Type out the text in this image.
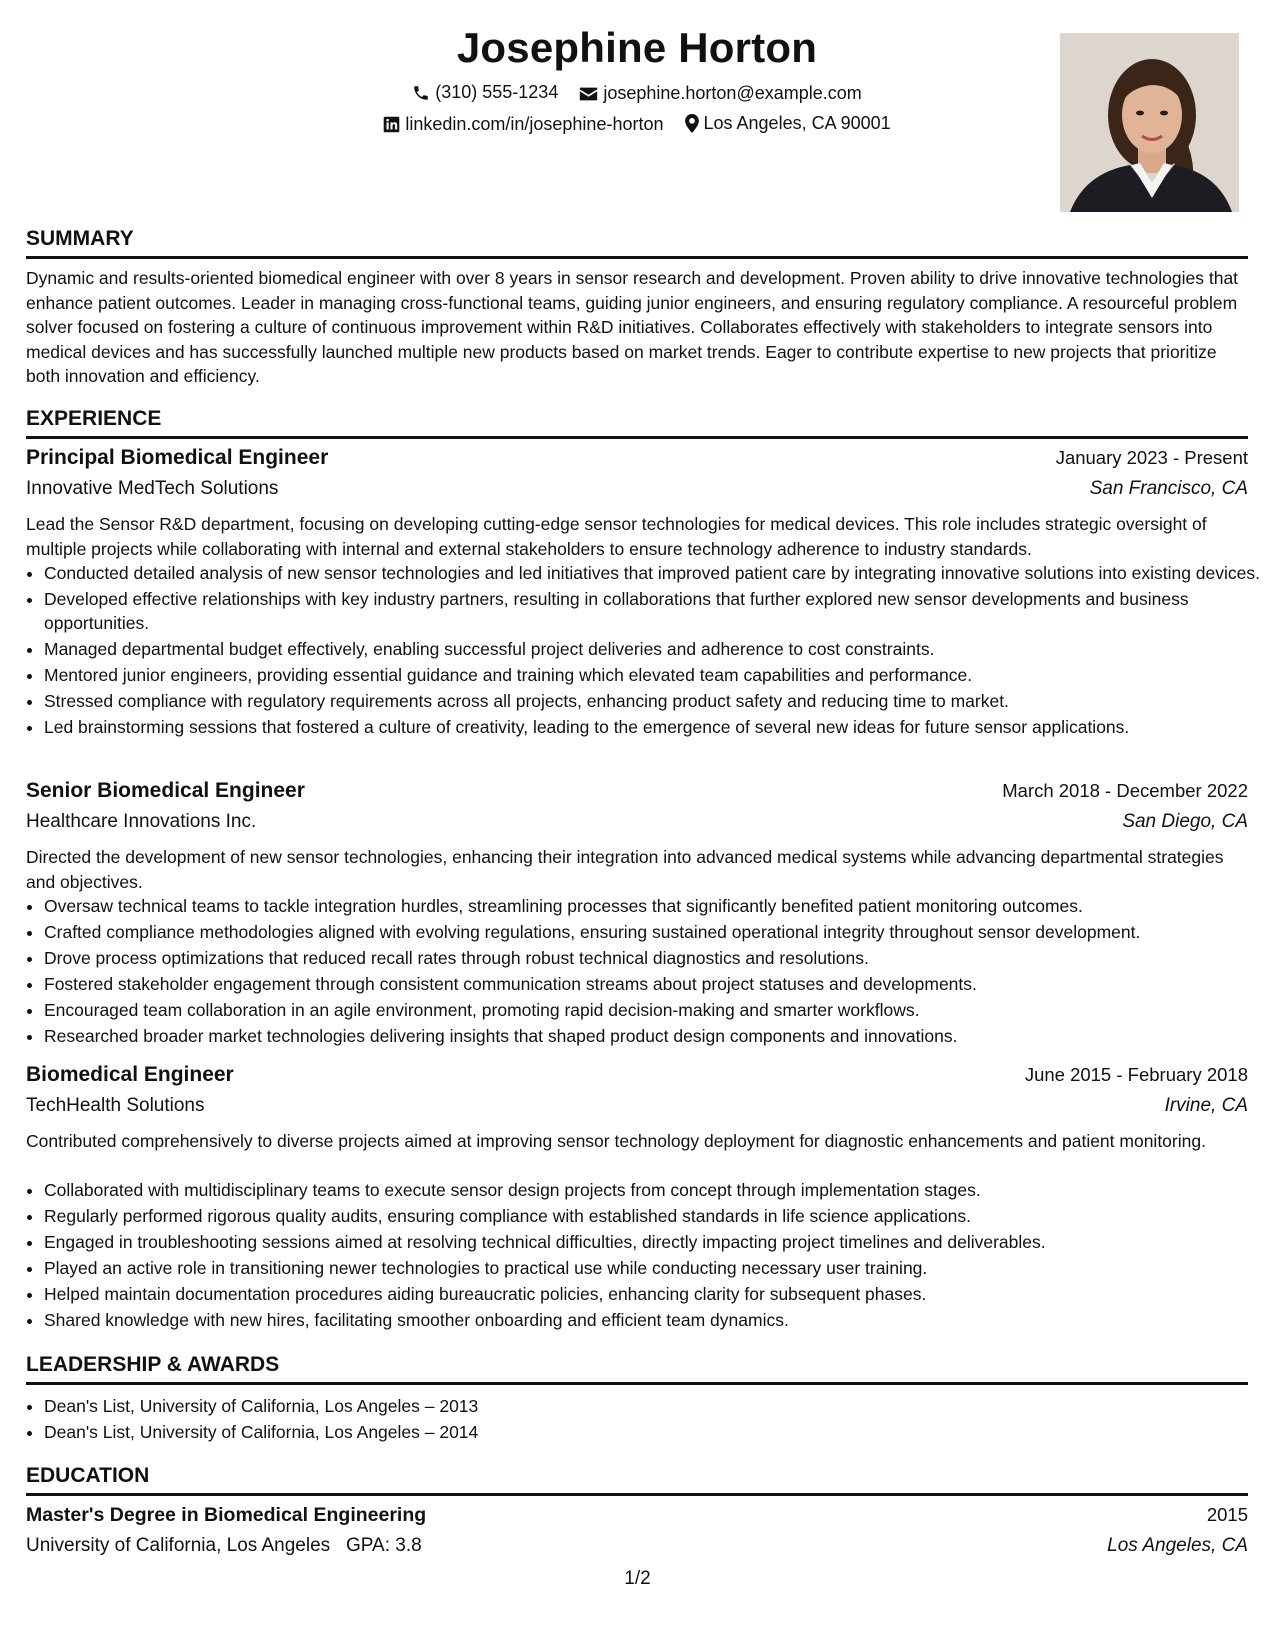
Josephine Horton
(310) 555-1234
	josephine.horton@example.com
linkedin.com/in/josephine-horton
Los Angeles, CA 90001
SUMMARY
Dynamic and results-oriented biomedical engineer with over 8 years in sensor research and development. Proven ability to drive innovative technologies that enhance patient outcomes. Leader in managing cross-functional teams, guiding junior engineers, and ensuring regulatory compliance. A resourceful problem solver focused on fostering a culture of continuous improvement within R&D initiatives. Collaborates effectively with stakeholders to integrate sensors into medical devices and has successfully launched multiple new products based on market trends. Eager to contribute expertise to new projects that prioritize both innovation and efficiency.
EXPERIENCE
Principal Biomedical Engineer	January 2023 - Present
Innovative MedTech Solutions	San Francisco, CA
Lead the Sensor R&D department, focusing on developing cutting-edge sensor technologies for medical devices. This role includes strategic oversight of multiple projects while collaborating with internal and external stakeholders to ensure technology adherence to industry standards.
• Conducted detailed analysis of new sensor technologies and led initiatives that improved patient care by integrating innovative solutions into existing devices.
• Developed effective relationships with key industry partners, resulting in collaborations that further explored new sensor developments and business opportunities.
• Managed departmental budget effectively, enabling successful project deliveries and adherence to cost constraints.
• Mentored junior engineers, providing essential guidance and training which elevated team capabilities and performance.
• Stressed compliance with regulatory requirements across all projects, enhancing product safety and reducing time to market.
• Led brainstorming sessions that fostered a culture of creativity, leading to the emergence of several new ideas for future sensor applications.
Senior Biomedical Engineer	March 2018 - December 2022
Healthcare Innovations Inc.	San Diego, CA
Directed the development of new sensor technologies, enhancing their integration into advanced medical systems while advancing departmental strategies and objectives.
• Oversaw technical teams to tackle integration hurdles, streamlining processes that significantly benefited patient monitoring outcomes.
• Crafted compliance methodologies aligned with evolving regulations, ensuring sustained operational integrity throughout sensor development.
• Drove process optimizations that reduced recall rates through robust technical diagnostics and resolutions.
• Fostered stakeholder engagement through consistent communication streams about project statuses and developments.
• Encouraged team collaboration in an agile environment, promoting rapid decision-making and smarter workflows.
• Researched broader market technologies delivering insights that shaped product design components and innovations.
Biomedical Engineer	June 2015 - February 2018
TechHealth Solutions	Irvine, CA
Contributed comprehensively to diverse projects aimed at improving sensor technology deployment for diagnostic enhancements and patient monitoring.
• Collaborated with multidisciplinary teams to execute sensor design projects from concept through implementation stages.
• Regularly performed rigorous quality audits, ensuring compliance with established standards in life science applications.
• Engaged in troubleshooting sessions aimed at resolving technical difficulties, directly impacting project timelines and deliverables.
• Played an active role in transitioning newer technologies to practical use while conducting necessary user training.
• Helped maintain documentation procedures aiding bureaucratic policies, enhancing clarity for subsequent phases.
• Shared knowledge with new hires, facilitating smoother onboarding and efficient team dynamics.
LEADERSHIP & AWARDS
• Dean's List, University of California, Los Angeles – 2013
• Dean's List, University of California, Los Angeles – 2014
EDUCATION
Master's Degree in Biomedical Engineering	2015
University of California, Los Angeles GPA: 3.8	Los Angeles, CA
1/2
